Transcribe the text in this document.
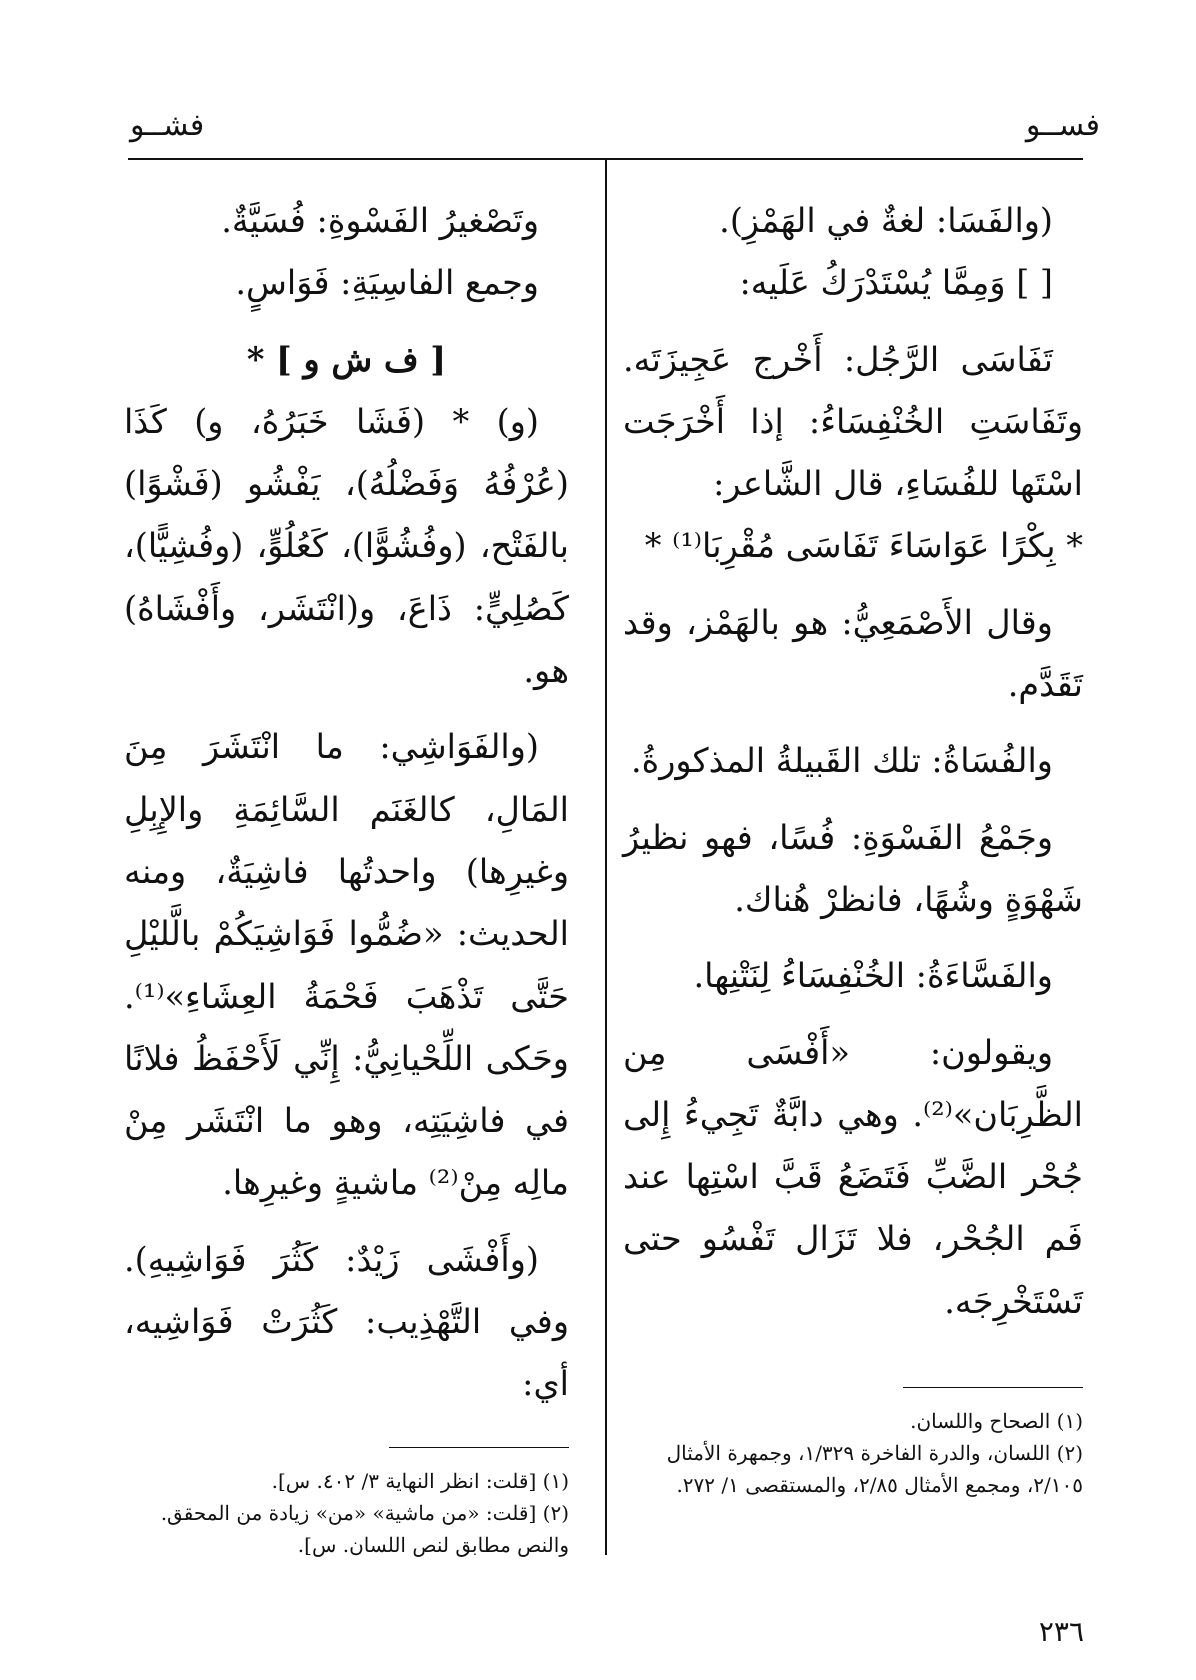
فســو
فشــو

(والفَسَا: لغةٌ في الهَمْزِ).

[ ] وَمِمَّا يُسْتَدْرَكُ عَلَيه:

تَفَاسَى الرَّجُل: أَخْرج عَجِيزَتَه. وتَفَاسَتِ الخُنْفِسَاءُ: إذا أَخْرَجَت اسْتَها للفُسَاءِ، قال الشَّاعر:

* بِكْرًا عَوَاسَاءَ تَفَاسَى مُقْرِبَا⁽¹⁾ *

وقال الأَصْمَعِيُّ: هو بالهَمْز، وقد تَقَدَّم.

والفُسَاةُ: تلك القَبيلةُ المذكورةُ.

وجَمْعُ الفَسْوَةِ: فُسًا، فهو نظيرُ شَهْوَةٍ وشُهًا، فانظرْ هُناك.

والفَسَّاءَةُ: الخُنْفِسَاءُ لِنَتْنِها.

ويقولون: «أَفْسَى مِن الظَّرِبَان»⁽²⁾. وهي دابَّةٌ تَجِيءُ إِلى جُحْر الضَّبِّ فَتَضَعُ قَبَّ اسْتِها عند فَم الجُحْر، فلا تَزَال تَفْسُو حتى تَسْتَخْرِجَه.

وتَصْغيرُ الفَسْوةِ: فُسَيَّةٌ.

وجمع الفاسِيَةِ: فَوَاسٍ.

[ ف ش و ] *

(و) * (فَشَا خَبَرُهُ، و) كَذَا (عُرْفُهُ وَفَضْلُهُ)، يَفْشُو (فَشْوًا) بالفَتْح، (وفُشُوًّا)، كَعُلُوٍّ، (وفُشِيًّا)، كَصُلِيٍّ: ذَاعَ، و(انْتَشَر، وأَفْشَاهُ) هو.

(والفَوَاشِي: ما انْتَشَرَ مِنَ المَالِ، كالغَنَم السَّائِمَةِ والإِبِلِ وغيرِها) واحدتُها فاشِيَةٌ، ومنه الحديث: «ضُمُّوا فَوَاشِيَكُمْ بالَّليْلِ حَتَّى تَذْهَبَ فَحْمَةُ العِشَاءِ»⁽¹⁾. وحَكى اللِّحْيانِيُّ: إِنِّي لَأَحْفَظُ فلانًا في فاشِيَتِه، وهو ما انْتَشَر مِنْ مالِه مِنْ⁽²⁾ ماشيةٍ وغيرِها.

(وأَفْشَى زَيْدٌ: كَثُرَ فَوَاشِيهِ). وفي التَّهْذِيب: كَثُرَتْ فَوَاشِيه، أي:

(١) الصحاح واللسان.

(٢) اللسان، والدرة الفاخرة ١/٣٢٩، وجمهرة الأمثال ٢/١٠٥، ومجمع الأمثال ٢/٨٥، والمستقصى ١/ ٢٧٢.

(١) [قلت: انظر النهاية ٣/ ٤٠٢. س].

(٢) [قلت: «من ماشية» «من» زيادة من المحقق. والنص مطابق لنص اللسان. س].

٢٣٦
